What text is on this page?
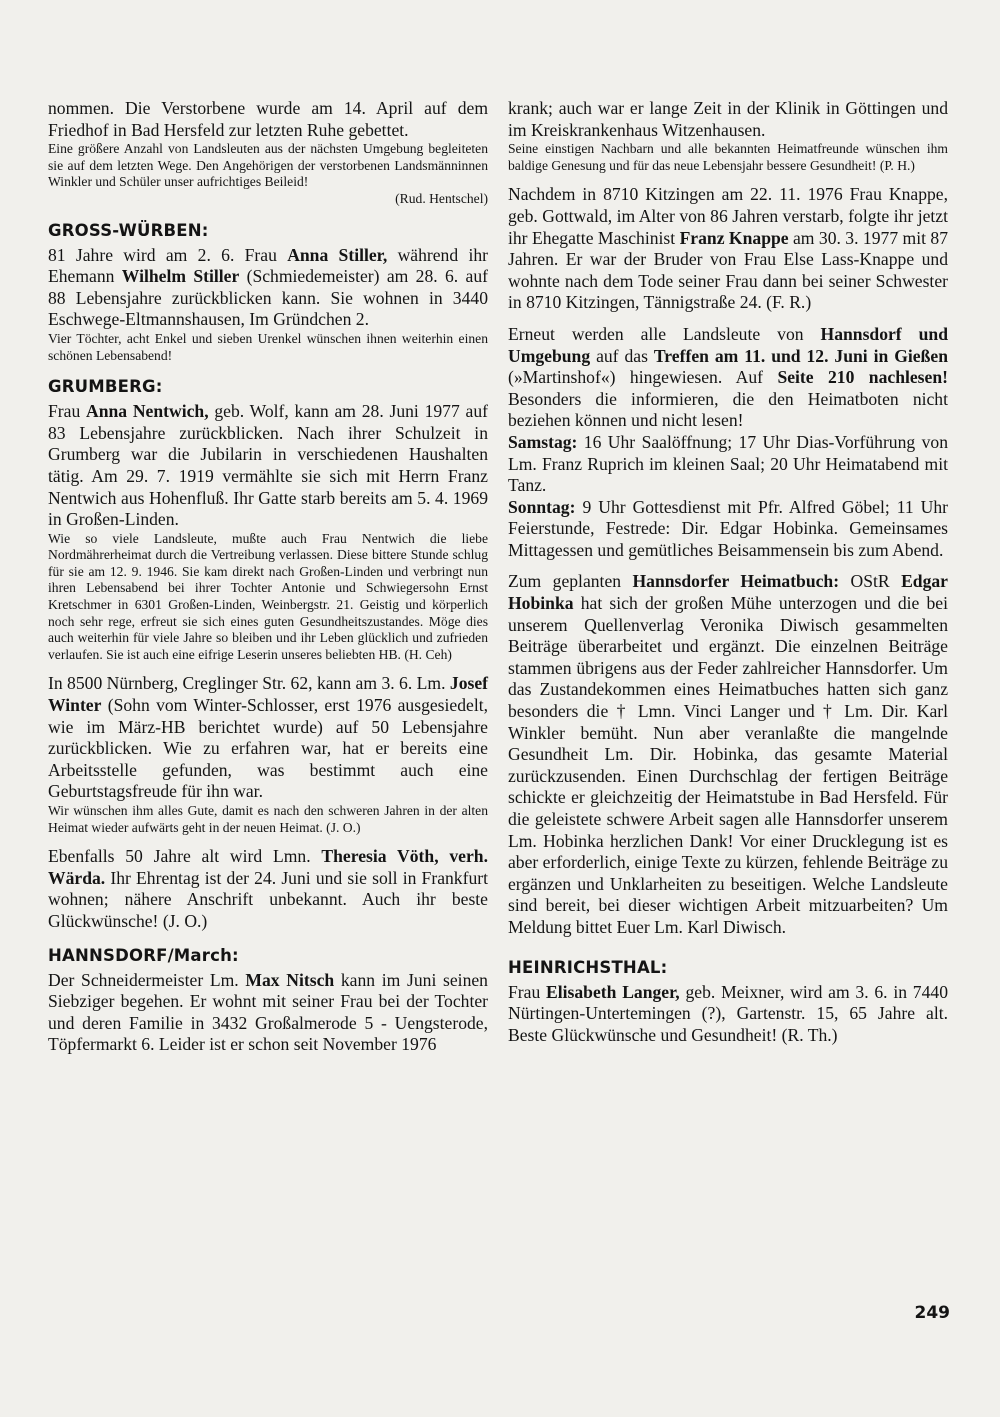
nommen. Die Verstorbene wurde am 14. April auf dem Friedhof in Bad Hersfeld zur letzten Ruhe gebettet.

Eine größere Anzahl von Landsleuten aus der nächsten Umgebung begleiteten sie auf dem letzten Wege. Den Angehörigen der verstorbenen Landsmänninnen Winkler und Schüler unser aufrichtiges Beileid!

(Rud. Hentschel)

GROSS-WÜRBEN:

81 Jahre wird am 2. 6. Frau Anna Stiller, während ihr Ehemann Wilhelm Stiller (Schmiedemeister) am 28. 6. auf 88 Lebensjahre zurückblicken kann. Sie wohnen in 3440 Eschwege-Eltmannshausen, Im Gründchen 2.

Vier Töchter, acht Enkel und sieben Urenkel wünschen ihnen weiterhin einen schönen Lebensabend!

GRUMBERG:

Frau Anna Nentwich, geb. Wolf, kann am 28. Juni 1977 auf 83 Lebensjahre zurückblicken. Nach ihrer Schulzeit in Grumberg war die Jubilarin in verschiedenen Haushalten tätig. Am 29. 7. 1919 vermählte sie sich mit Herrn Franz Nentwich aus Hohenfluß. Ihr Gatte starb bereits am 5. 4. 1969 in Großen-Linden.

Wie so viele Landsleute, mußte auch Frau Nentwich die liebe Nordmährerheimat durch die Vertreibung verlassen. Diese bittere Stunde schlug für sie am 12. 9. 1946. Sie kam direkt nach Großen-Linden und verbringt nun ihren Lebensabend bei ihrer Tochter Antonie und Schwiegersohn Ernst Kretschmer in 6301 Großen-Linden, Weinbergstr. 21. Geistig und körperlich noch sehr rege, erfreut sie sich eines guten Gesundheitszustandes. Möge dies auch weiterhin für viele Jahre so bleiben und ihr Leben glücklich und zufrieden verlaufen. Sie ist auch eine eifrige Leserin unseres beliebten HB. (H. Ceh)

In 8500 Nürnberg, Creglinger Str. 62, kann am 3. 6. Lm. Josef Winter (Sohn vom Winter-Schlosser, erst 1976 ausgesiedelt, wie im März-HB berichtet wurde) auf 50 Lebensjahre zurückblicken. Wie zu erfahren war, hat er bereits eine Arbeitsstelle gefunden, was bestimmt auch eine Geburtstagsfreude für ihn war.

Wir wünschen ihm alles Gute, damit es nach den schweren Jahren in der alten Heimat wieder aufwärts geht in der neuen Heimat. (J. O.)

Ebenfalls 50 Jahre alt wird Lmn. Theresia Vöth, verh. Wärda. Ihr Ehrentag ist der 24. Juni und sie soll in Frankfurt wohnen; nähere Anschrift unbekannt. Auch ihr beste Glückwünsche! (J. O.)

HANNSDORF/March:

Der Schneidermeister Lm. Max Nitsch kann im Juni seinen Siebziger begehen. Er wohnt mit seiner Frau bei der Tochter und deren Familie in 3432 Großalmerode 5 - Uengsterode, Töpfermarkt 6. Leider ist er schon seit November 1976

krank; auch war er lange Zeit in der Klinik in Göttingen und im Kreiskrankenhaus Witzenhausen.

Seine einstigen Nachbarn und alle bekannten Heimatfreunde wünschen ihm baldige Genesung und für das neue Lebensjahr bessere Gesundheit! (P. H.)

Nachdem in 8710 Kitzingen am 22. 11. 1976 Frau Knappe, geb. Gottwald, im Alter von 86 Jahren verstarb, folgte ihr jetzt ihr Ehegatte Maschinist Franz Knappe am 30. 3. 1977 mit 87 Jahren. Er war der Bruder von Frau Else Lass-Knappe und wohnte nach dem Tode seiner Frau dann bei seiner Schwester in 8710 Kitzingen, Tännigstraße 24. (F. R.)

Erneut werden alle Landsleute von Hannsdorf und Umgebung auf das Treffen am 11. und 12. Juni in Gießen (»Martinshof«) hingewiesen. Auf Seite 210 nachlesen! Besonders die informieren, die den Heimatboten nicht beziehen können und nicht lesen!

Samstag: 16 Uhr Saalöffnung; 17 Uhr Dias-Vorführung von Lm. Franz Ruprich im kleinen Saal; 20 Uhr Heimatabend mit Tanz.

Sonntag: 9 Uhr Gottesdienst mit Pfr. Alfred Göbel; 11 Uhr Feierstunde, Festrede: Dir. Edgar Hobinka. Gemeinsames Mittagessen und gemütliches Beisammensein bis zum Abend.

Zum geplanten Hannsdorfer Heimatbuch: OStR Edgar Hobinka hat sich der großen Mühe unterzogen und die bei unserem Quellenverlag Veronika Diwisch gesammelten Beiträge überarbeitet und ergänzt. Die einzelnen Beiträge stammen übrigens aus der Feder zahlreicher Hannsdorfer. Um das Zustandekommen eines Heimatbuches hatten sich ganz besonders die † Lmn. Vinci Langer und † Lm. Dir. Karl Winkler bemüht. Nun aber veranlaßte die mangelnde Gesundheit Lm. Dir. Hobinka, das gesamte Material zurückzusenden. Einen Durchschlag der fertigen Beiträge schickte er gleichzeitig der Heimatstube in Bad Hersfeld. Für die geleistete schwere Arbeit sagen alle Hannsdorfer unserem Lm. Hobinka herzlichen Dank! Vor einer Drucklegung ist es aber erforderlich, einige Texte zu kürzen, fehlende Beiträge zu ergänzen und Unklarheiten zu beseitigen. Welche Landsleute sind bereit, bei dieser wichtigen Arbeit mitzuarbeiten? Um Meldung bittet Euer Lm. Karl Diwisch.

HEINRICHSTHAL:

Frau Elisabeth Langer, geb. Meixner, wird am 3. 6. in 7440 Nürtingen-Untertemingen (?), Gartenstr. 15, 65 Jahre alt. Beste Glückwünsche und Gesundheit! (R. Th.)

249
